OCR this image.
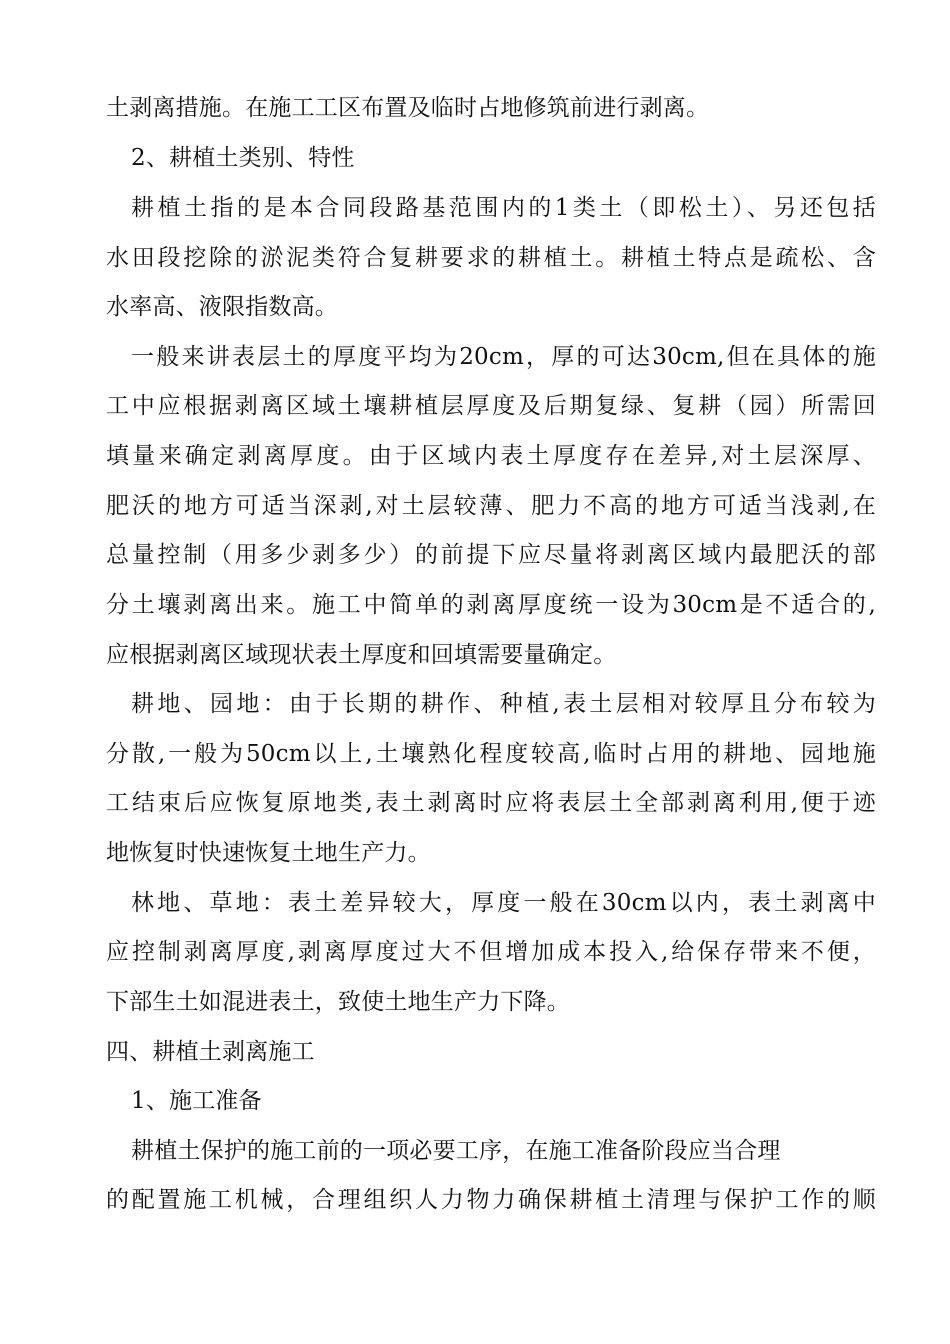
土剥离措施。在施工工区布置及临时占地修筑前进行剥离。
2、耕植土类别、特性
耕植土指的是本合同段路基范围内的1类土（即松土）、另还包括
水田段挖除的淤泥类符合复耕要求的耕植土。耕植土特点是疏松、含
水率高、液限指数高。
一般来讲表层土的厚度平均为20cm，厚的可达30cm,但在具体的施
工中应根据剥离区域土壤耕植层厚度及后期复绿、复耕（园）所需回
填量来确定剥离厚度。由于区域内表土厚度存在差异,对土层深厚、
肥沃的地方可适当深剥,对土层较薄、肥力不高的地方可适当浅剥,在
总量控制（用多少剥多少）的前提下应尽量将剥离区域内最肥沃的部
分土壤剥离出来。施工中简单的剥离厚度统一设为30cm是不适合的,
应根据剥离区域现状表土厚度和回填需要量确定。
耕地、园地：由于长期的耕作、种植,表土层相对较厚且分布较为
分散,一般为50cm以上,土壤熟化程度较高,临时占用的耕地、园地施
工结束后应恢复原地类,表土剥离时应将表层土全部剥离利用,便于迹
地恢复时快速恢复土地生产力。
林地、草地：表土差异较大，厚度一般在30cm以内，表土剥离中
应控制剥离厚度,剥离厚度过大不但增加成本投入,给保存带来不便，
下部生土如混进表土，致使土地生产力下降。
四、耕植土剥离施工
1、施工准备
耕植土保护的施工前的一项必要工序，在施工准备阶段应当合理
的配置施工机械，合理组织人力物力确保耕植土清理与保护工作的顺
